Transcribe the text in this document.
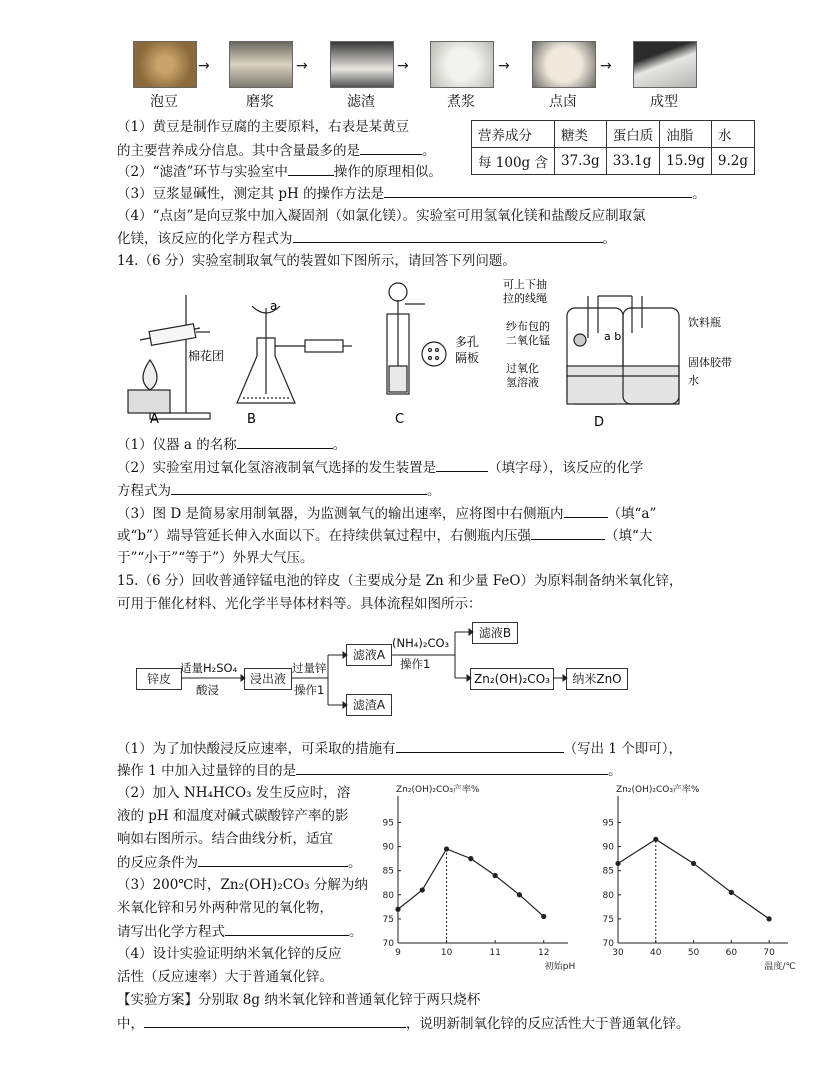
→	→	→	→	→
泡豆	磨浆	滤渣	煮浆	点卤	成型
（1）黄豆是制作豆腐的主要原料，右表是某黄豆
的主要营养成分信息。其中含量最多的是	。
（2）“滤渣”环节与实验室中	操作的原理相似。
（3）豆浆显碱性，测定其 pH 的操作方法是	。
（4）“点卤”是向豆浆中加入凝固剂（如氯化镁）。实验室可用氢氧化镁和盐酸反应制取氯
化镁，该反应的化学方程式为	。
营养成分	糖类	蛋白质	油脂	水
每 100g 含	37.3g	33.1g	15.9g	9.2g
14.（6 分）实验室制取氧气的装置如下图所示，请回答下列问题。
棉花团
A
a
B
多孔
隔板
C
可上下抽
拉的线绳
纱布包的
二氧化锰
过氧化
氢溶液
饮料瓶
固体胶带
水
a b
D
（1）仪器 a 的名称	。
（2）实验室用过氧化氢溶液制氧气选择的发生装置是	（填字母），该反应的化学
方程式为	。
（3）图 D 是简易家用制氧器，为监测氧气的输出速率，应将图中右侧瓶内	（填“a”
或“b”）端导管延长伸入水面以下。在持续供氧过程中，右侧瓶内压强	（填“大
于”“小于”“等于”）外界大气压。
15.（6 分）回收普通锌锰电池的锌皮（主要成分是 Zn 和少量 FeO）为原料制备纳米氧化锌，
可用于催化材料、光化学半导体材料等。具体流程如图所示：
锌皮
适量H₂SO₄
酸浸
浸出液
过量锌
操作1
滤液A
滤渣A
(NH₄)₂CO₃
操作1
滤液B
Zn₂(OH)₂CO₃	纳米ZnO
（1）为了加快酸浸反应速率，可采取的措施有	（写出 1 个即可），
操作 1 中加入过量锌的目的是	。
（2）加入 NH₄HCO₃ 发生反应时，溶
液的 pH 和温度对碱式碳酸锌产率的影
响如右图所示。结合曲线分析，适宜
的反应条件为	。
（3）200℃时，Zn₂(OH)₂CO₃ 分解为纳
米氧化锌和另外两种常见的氧化物，
请写出化学方程式	。
（4）设计实验证明纳米氧化锌的反应
活性（反应速率）大于普通氧化锌。
【实验方案】分别取 8g 纳米氧化锌和普通氧化锌于两只烧杯
中，	，说明新制氧化锌的反应活性大于普通氧化锌。
Zn₂(OH)₂CO₃产率%
70
75
80
85
90
95
9	10	11	12
初始pH
Zn₂(OH)₂CO₃产率%
70
75
80
85
90
95
30	40	50	60	70
温度/℃
